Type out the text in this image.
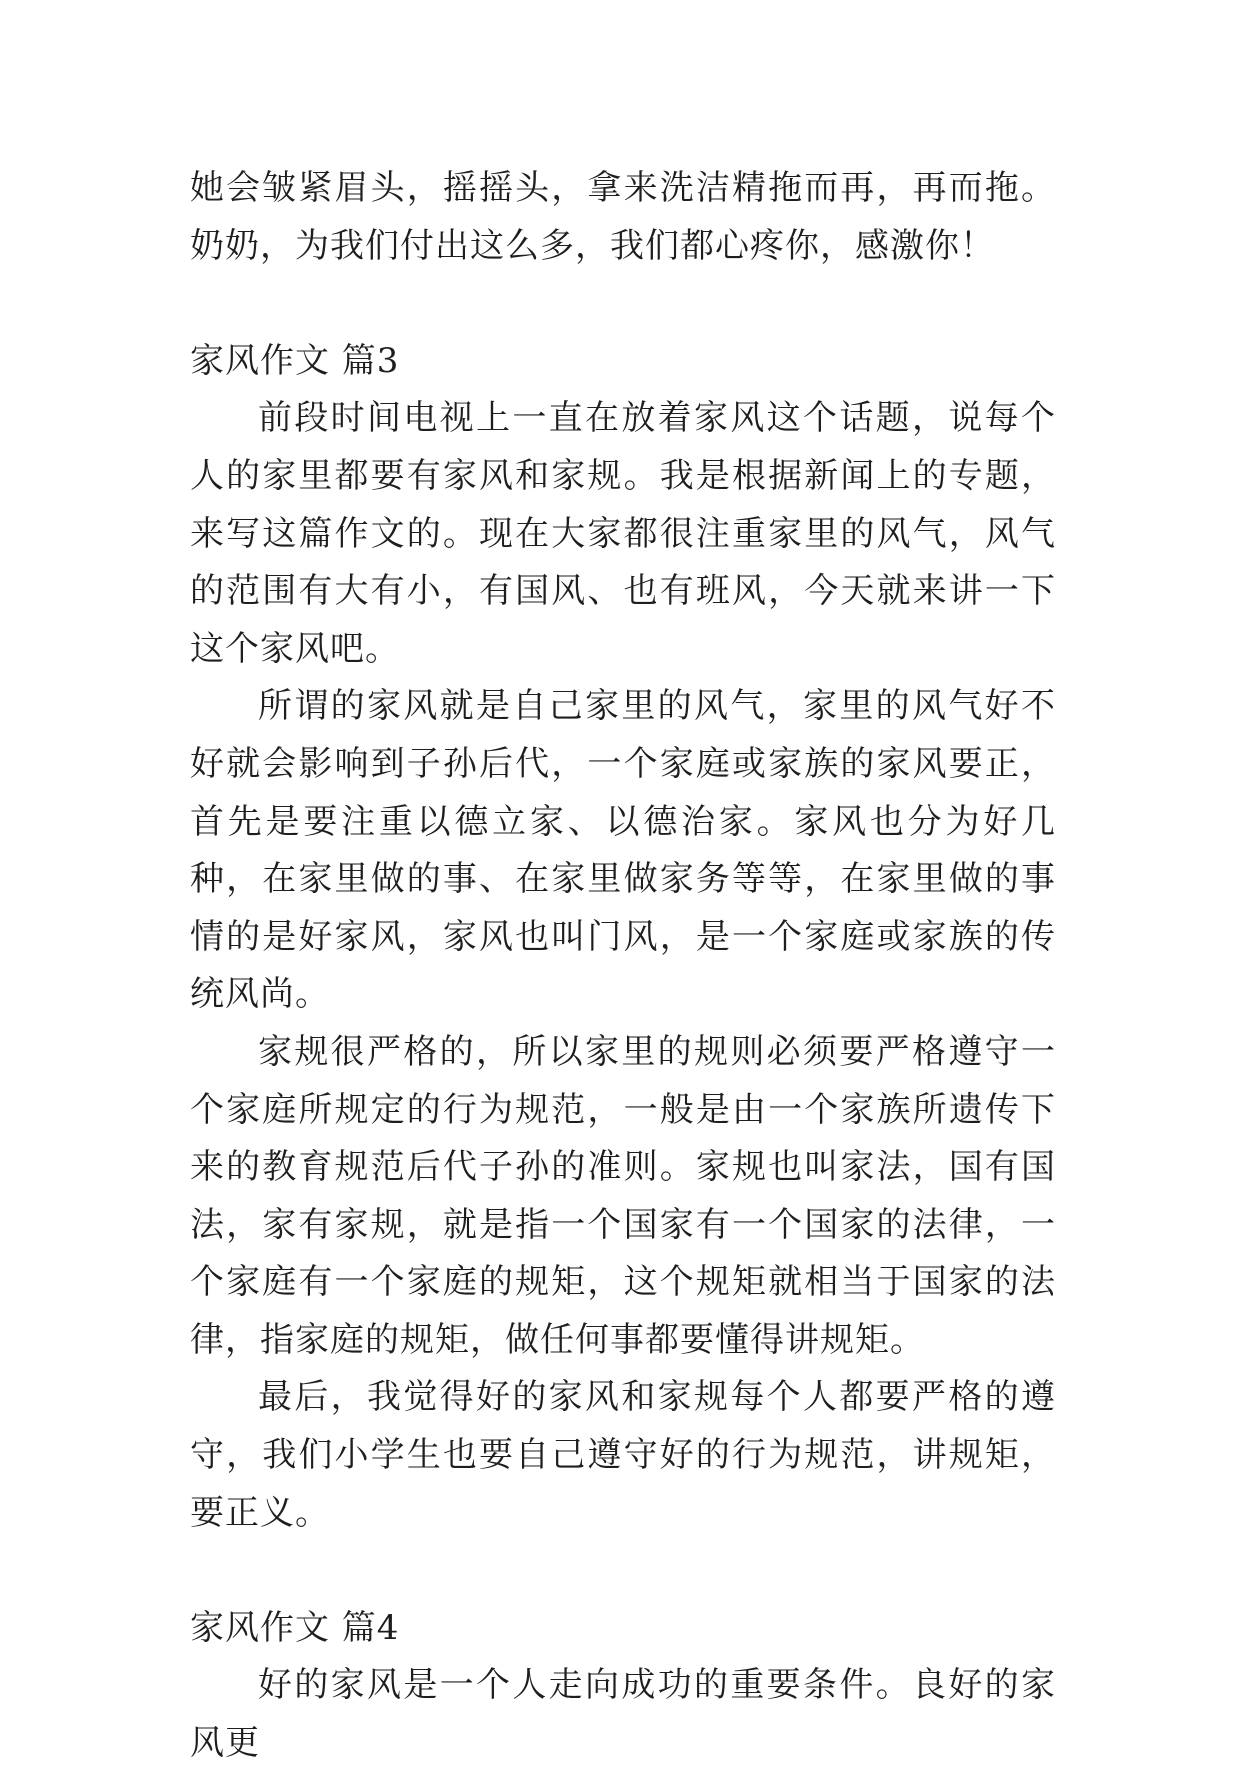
她会皱紧眉头，摇摇头，拿来洗洁精拖而再，再而拖。奶奶，为我们付出这么多，我们都心疼你，感激你！

家风作文 篇3

前段时间电视上一直在放着家风这个话题，说每个人的家里都要有家风和家规。我是根据新闻上的专题，来写这篇作文的。现在大家都很注重家里的风气，风气的范围有大有小，有国风、也有班风，今天就来讲一下这个家风吧。

所谓的家风就是自己家里的风气，家里的风气好不好就会影响到子孙后代，一个家庭或家族的家风要正，首先是要注重以德立家、以德治家。家风也分为好几种，在家里做的事、在家里做家务等等，在家里做的事情的是好家风，家风也叫门风，是一个家庭或家族的传统风尚。

家规很严格的，所以家里的规则必须要严格遵守一个家庭所规定的行为规范，一般是由一个家族所遗传下来的教育规范后代子孙的准则。家规也叫家法，国有国法，家有家规，就是指一个国家有一个国家的法律，一个家庭有一个家庭的规矩，这个规矩就相当于国家的法律，指家庭的规矩，做任何事都要懂得讲规矩。

最后，我觉得好的家风和家规每个人都要严格的遵守，我们小学生也要自己遵守好的行为规范，讲规矩，要正义。

家风作文 篇4

好的家风是一个人走向成功的重要条件。良好的家风更
